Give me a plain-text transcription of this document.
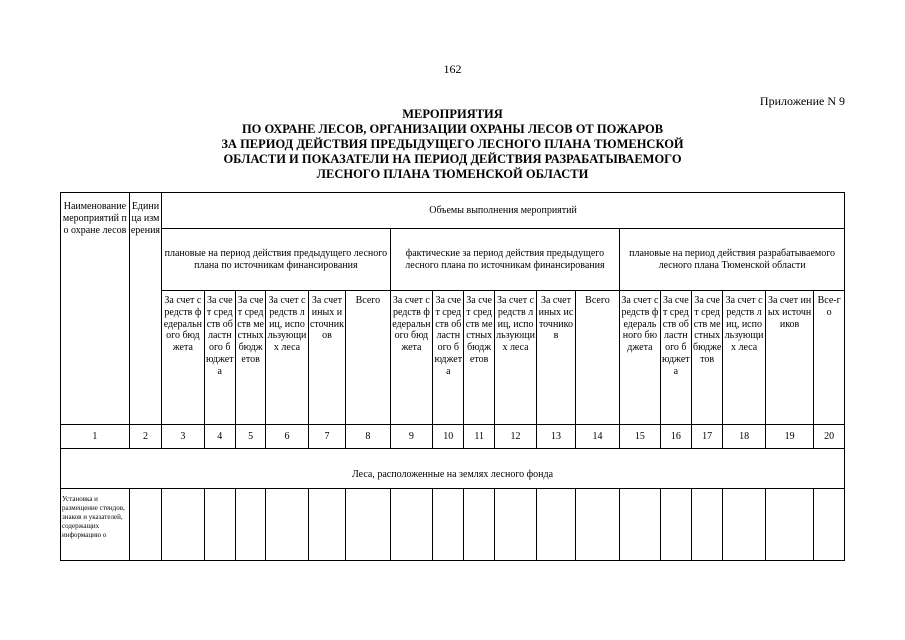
162
Приложение N 9
МЕРОПРИЯТИЯ
ПО ОХРАНЕ ЛЕСОВ, ОРГАНИЗАЦИИ ОХРАНЫ ЛЕСОВ ОТ ПОЖАРОВ
ЗА ПЕРИОД ДЕЙСТВИЯ ПРЕДЫДУЩЕГО ЛЕСНОГО ПЛАНА ТЮМЕНСКОЙ
ОБЛАСТИ И ПОКАЗАТЕЛИ НА ПЕРИОД ДЕЙСТВИЯ РАЗРАБАТЫВАЕМОГО
ЛЕСНОГО ПЛАНА ТЮМЕНСКОЙ ОБЛАСТИ
Наименование мероприятий по охране лесов	Единица измерения	Объемы выполнения мероприятий																	
		плановые на период действия предыдущего лесного плана по источникам финансирования						фактические за период действия предыдущего лесного плана по источникам финансирования						плановые на период действия разрабатываемого лесного плана Тюменской области					
		За счет средств федерального бюджета	За счет средств областного бюджета	За счет средств местных бюджетов	За счет средств лиц, использующих леса	За счет иных источников	Всего	За счет средств федерального бюджета	За счет средств областного бюджета	За счет средств местных бюджетов	За счет средств лиц, использующих леса	За счет иных источников	Всего	За счет средств федерального бюджета	За счет средств областного бюджета	За счет средств местных бюджетов	За счет средств лиц, использующих леса	За счет иных источников	Все-го
1	2	3	4	5	6	7	8	9	10	11	12	13	14	15	16	17	18	19	20
Леса, расположенные на землях лесного фонда																			
Установка и размещение стендов, знаков и указателей, содержащих информацию о																			
